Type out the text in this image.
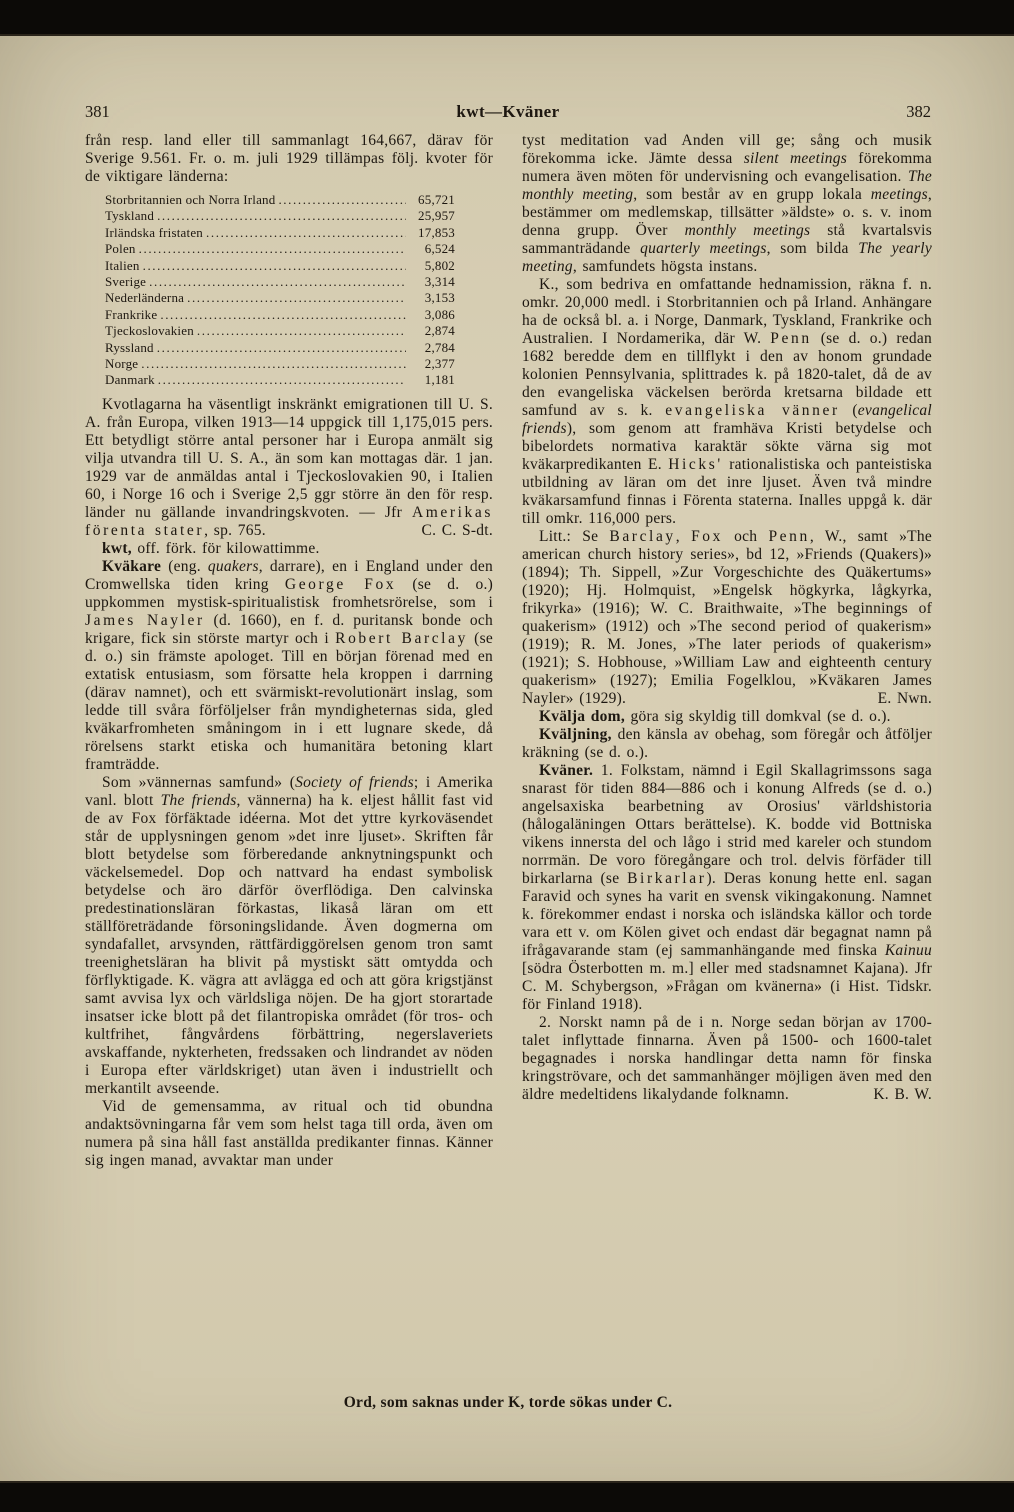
381	kwt—Kväner	382

från resp. land eller till sammanlagt 164,667, därav för Sverige 9.561. Fr. o. m. juli 1929 tillämpas följ. kvoter för de viktigare länderna:

Storbritannien och Norra Irland .....	65,721
Tyskland .....	25,957
Irländska fristaten .....	17,853
Polen .....	6,524
Italien .....	5,802
Sverige .....	3,314
Nederländerna .....	3,153
Frankrike .....	3,086
Tjeckoslovakien .....	2,874
Ryssland .....	2,784
Norge .....	2,377
Danmark .....	1,181

Kvotlagarna ha väsentligt inskränkt emigrationen till U. S. A. från Europa, vilken 1913—14 uppgick till 1,175,015 pers. Ett betydligt större antal personer har i Europa anmält sig vilja utvandra till U. S. A., än som kan mottagas där. 1 jan. 1929 var de anmäldas antal i Tjeckoslovakien 90, i Italien 60, i Norge 16 och i Sverige 2,5 ggr större än den för resp. länder nu gällande invandringskvoten. — Jfr Amerikas förenta stater, sp. 765.	C. C. S-dt.

kwt, off. förk. för kilowattimme.

Kväkare (eng. quakers, darrare), en i England under den Cromwellska tiden kring George Fox (se d. o.) uppkommen mystisk-spiritualistisk fromhetsrörelse, som i James Nayler (d. 1660), en f. d. puritansk bonde och krigare, fick sin störste martyr och i Robert Barclay (se d. o.) sin främste apologet. Till en början förenad med en extatisk entusiasm, som försatte hela kroppen i darrning (därav namnet), och ett svärmiskt-revolutionärt inslag, som ledde till svåra förföljelser från myndigheternas sida, gled kväkarfromheten småningom in i ett lugnare skede, då rörelsens starkt etiska och humanitära betoning klart framträdde.

Som »vännernas samfund» (Society of friends; i Amerika vanl. blott The friends, vännerna) ha k. eljest hållit fast vid de av Fox förfäktade idéerna. Mot det yttre kyrkoväsendet står de upplysningen genom »det inre ljuset». Skriften får blott betydelse som förberedande anknytningspunkt och väckelsemedel. Dop och nattvard ha endast symbolisk betydelse och äro därför överflödiga. Den calvinska predestinationsläran förkastas, likaså läran om ett ställföreträdande försoningslidande. Även dogmerna om syndafallet, arvsynden, rättfärdiggörelsen genom tron samt treenighetsläran ha blivit på mystiskt sätt omtydda och förflyktigade. K. vägra att avlägga ed och att göra krigstjänst samt avvisa lyx och världsliga nöjen. De ha gjort storartade insatser icke blott på det filantropiska området (för tros- och kultfrihet, fångvårdens förbättring, negerslaveriets avskaffande, nykterheten, fredssaken och lindrandet av nöden i Europa efter världskriget) utan även i industriellt och merkantilt avseende.

Vid de gemensamma, av ritual och tid obundna andaktsövningarna får vem som helst taga till orda, även om numera på sina håll fast anställda predikanter finnas. Känner sig ingen manad, avvaktar man under

tyst meditation vad Anden vill ge; sång och musik förekomma icke. Jämte dessa silent meetings förekomma numera även möten för undervisning och evangelisation. The monthly meeting, som består av en grupp lokala meetings, bestämmer om medlemskap, tillsätter »äldste» o. s. v. inom denna grupp. Över monthly meetings stå kvartalsvis sammanträdande quarterly meetings, som bilda The yearly meeting, samfundets högsta instans.

K., som bedriva en omfattande hednamission, räkna f. n. omkr. 20,000 medl. i Storbritannien och på Irland. Anhängare ha de också bl. a. i Norge, Danmark, Tyskland, Frankrike och Australien. I Nordamerika, där W. Penn (se d. o.) redan 1682 beredde dem en tillflykt i den av honom grundade kolonien Pennsylvania, splittrades k. på 1820-talet, då de av den evangeliska väckelsen berörda kretsarna bildade ett samfund av s. k. evangeliska vänner (evangelical friends), som genom att framhäva Kristi betydelse och bibelordets normativa karaktär sökte värna sig mot kväkarpredikanten E. Hicks' rationalistiska och panteistiska utbildning av läran om det inre ljuset. Även två mindre kväkarsamfund finnas i Förenta staterna. Inalles uppgå k. där till omkr. 116,000 pers.

Litt.: Se Barclay, Fox och Penn, W., samt »The american church history series», bd 12, »Friends (Quakers)» (1894); Th. Sippell, »Zur Vorgeschichte des Quäkertums» (1920); Hj. Holmquist, »Engelsk högkyrka, lågkyrka, frikyrka» (1916); W. C. Braithwaite, »The beginnings of quakerism» (1912) och »The second period of quakerism» (1919); R. M. Jones, »The later periods of quakerism» (1921); S. Hobhouse, »William Law and eighteenth century quakerism» (1927); Emilia Fogelklou, »Kväkaren James Nayler» (1929).	E. Nwn.

Kvälja dom, göra sig skyldig till domkval (se d. o.).

Kväljning, den känsla av obehag, som föregår och åtföljer kräkning (se d. o.).

Kväner. 1. Folkstam, nämnd i Egil Skallagrimssons saga snarast för tiden 884—886 och i konung Alfreds (se d. o.) angelsaxiska bearbetning av Orosius' världshistoria (hålogaläningen Ottars berättelse). K. bodde vid Bottniska vikens innersta del och lågo i strid med kareler och stundom norrmän. De voro föregångare och trol. delvis förfäder till birkarlarna (se Birkarlar). Deras konung hette enl. sagan Faravid och synes ha varit en svensk vikingakonung. Namnet k. förekommer endast i norska och isländska källor och torde vara ett v. om Kölen givet och endast där begagnat namn på ifrågavarande stam (ej sammanhängande med finska Kainuu [södra Österbotten m. m.] eller med stadsnamnet Kajana). Jfr C. M. Schybergson, »Frågan om kvänerna» (i Hist. Tidskr. för Finland 1918).

2. Norskt namn på de i n. Norge sedan början av 1700-talet inflyttade finnarna. Även på 1500- och 1600-talet begagnades i norska handlingar detta namn för finska kringströvare, och det sammanhänger möjligen även med den äldre medeltidens likalydande folknamn.	K. B. W.

Ord, som saknas under K, torde sökas under C.
